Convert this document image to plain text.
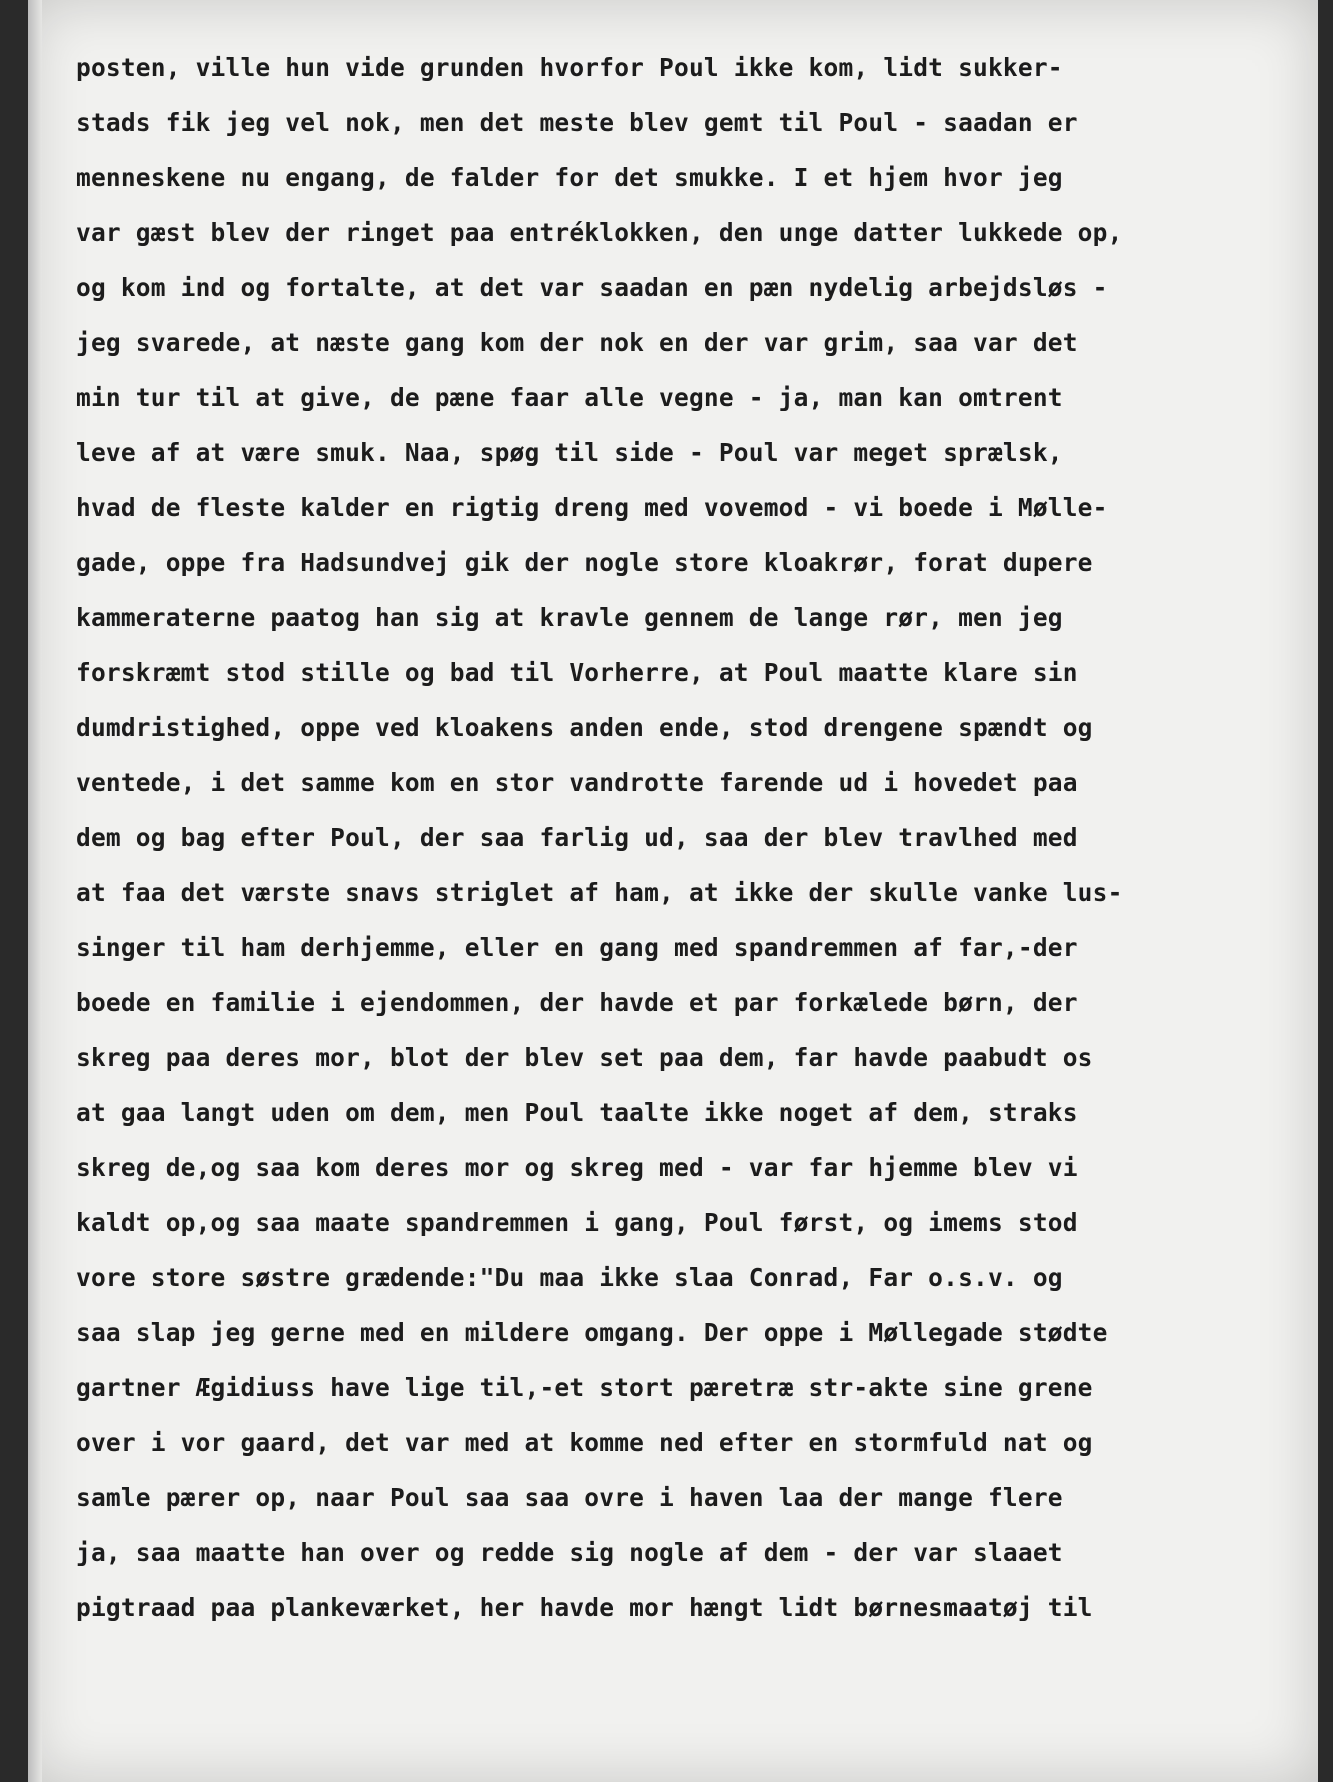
posten, ville hun vide grunden hvorfor Poul ikke kom, lidt sukker-
stads fik jeg vel nok, men det meste blev gemt til Poul - saadan er
menneskene nu engang, de falder for det smukke. I et hjem hvor jeg
var gæst blev der ringet paa entréklokken, den unge datter lukkede op,
og kom ind og fortalte, at det var saadan en pæn nydelig arbejdsløs -
jeg svarede, at næste gang kom der nok en der var grim, saa var det
min tur til at give, de pæne faar alle vegne - ja, man kan omtrent
leve af at være smuk. Naa, spøg til side - Poul var meget sprælsk,
hvad de fleste kalder en rigtig dreng med vovemod - vi boede i Mølle-
gade, oppe fra Hadsundvej gik der nogle store kloakrør, forat dupere
kammeraterne paatog han sig at kravle gennem de lange rør, men jeg
forskræmt stod stille og bad til Vorherre, at Poul maatte klare sin
dumdristighed, oppe ved kloakens anden ende, stod drengene spændt og
ventede, i det samme kom en stor vandrotte farende ud i hovedet paa
dem og bag efter Poul, der saa farlig ud, saa der blev travlhed med
at faa det værste snavs striglet af ham, at ikke der skulle vanke lus-
singer til ham derhjemme, eller en gang med spandremmen af far,-der
boede en familie i ejendommen, der havde et par forkælede børn, der
skreg paa deres mor, blot der blev set paa dem, far havde paabudt os
at gaa langt uden om dem, men Poul taalte ikke noget af dem, straks
skreg de,og saa kom deres mor og skreg med - var far hjemme blev vi
kaldt op,og saa maate spandremmen i gang, Poul først, og imems stod
vore store søstre grædende:"Du maa ikke slaa Conrad, Far o.s.v. og
saa slap jeg gerne med en mildere omgang. Der oppe i Møllegade stødte
gartner Ægidiuss have lige til,-et stort pæretræ str-akte sine grene
over i vor gaard, det var med at komme ned efter en stormfuld nat og
samle pærer op, naar Poul saa saa ovre i haven laa der mange flere
ja, saa maatte han over og redde sig nogle af dem - der var slaaet
pigtraad paa plankeværket, her havde mor hængt lidt børnesmaatøj til
